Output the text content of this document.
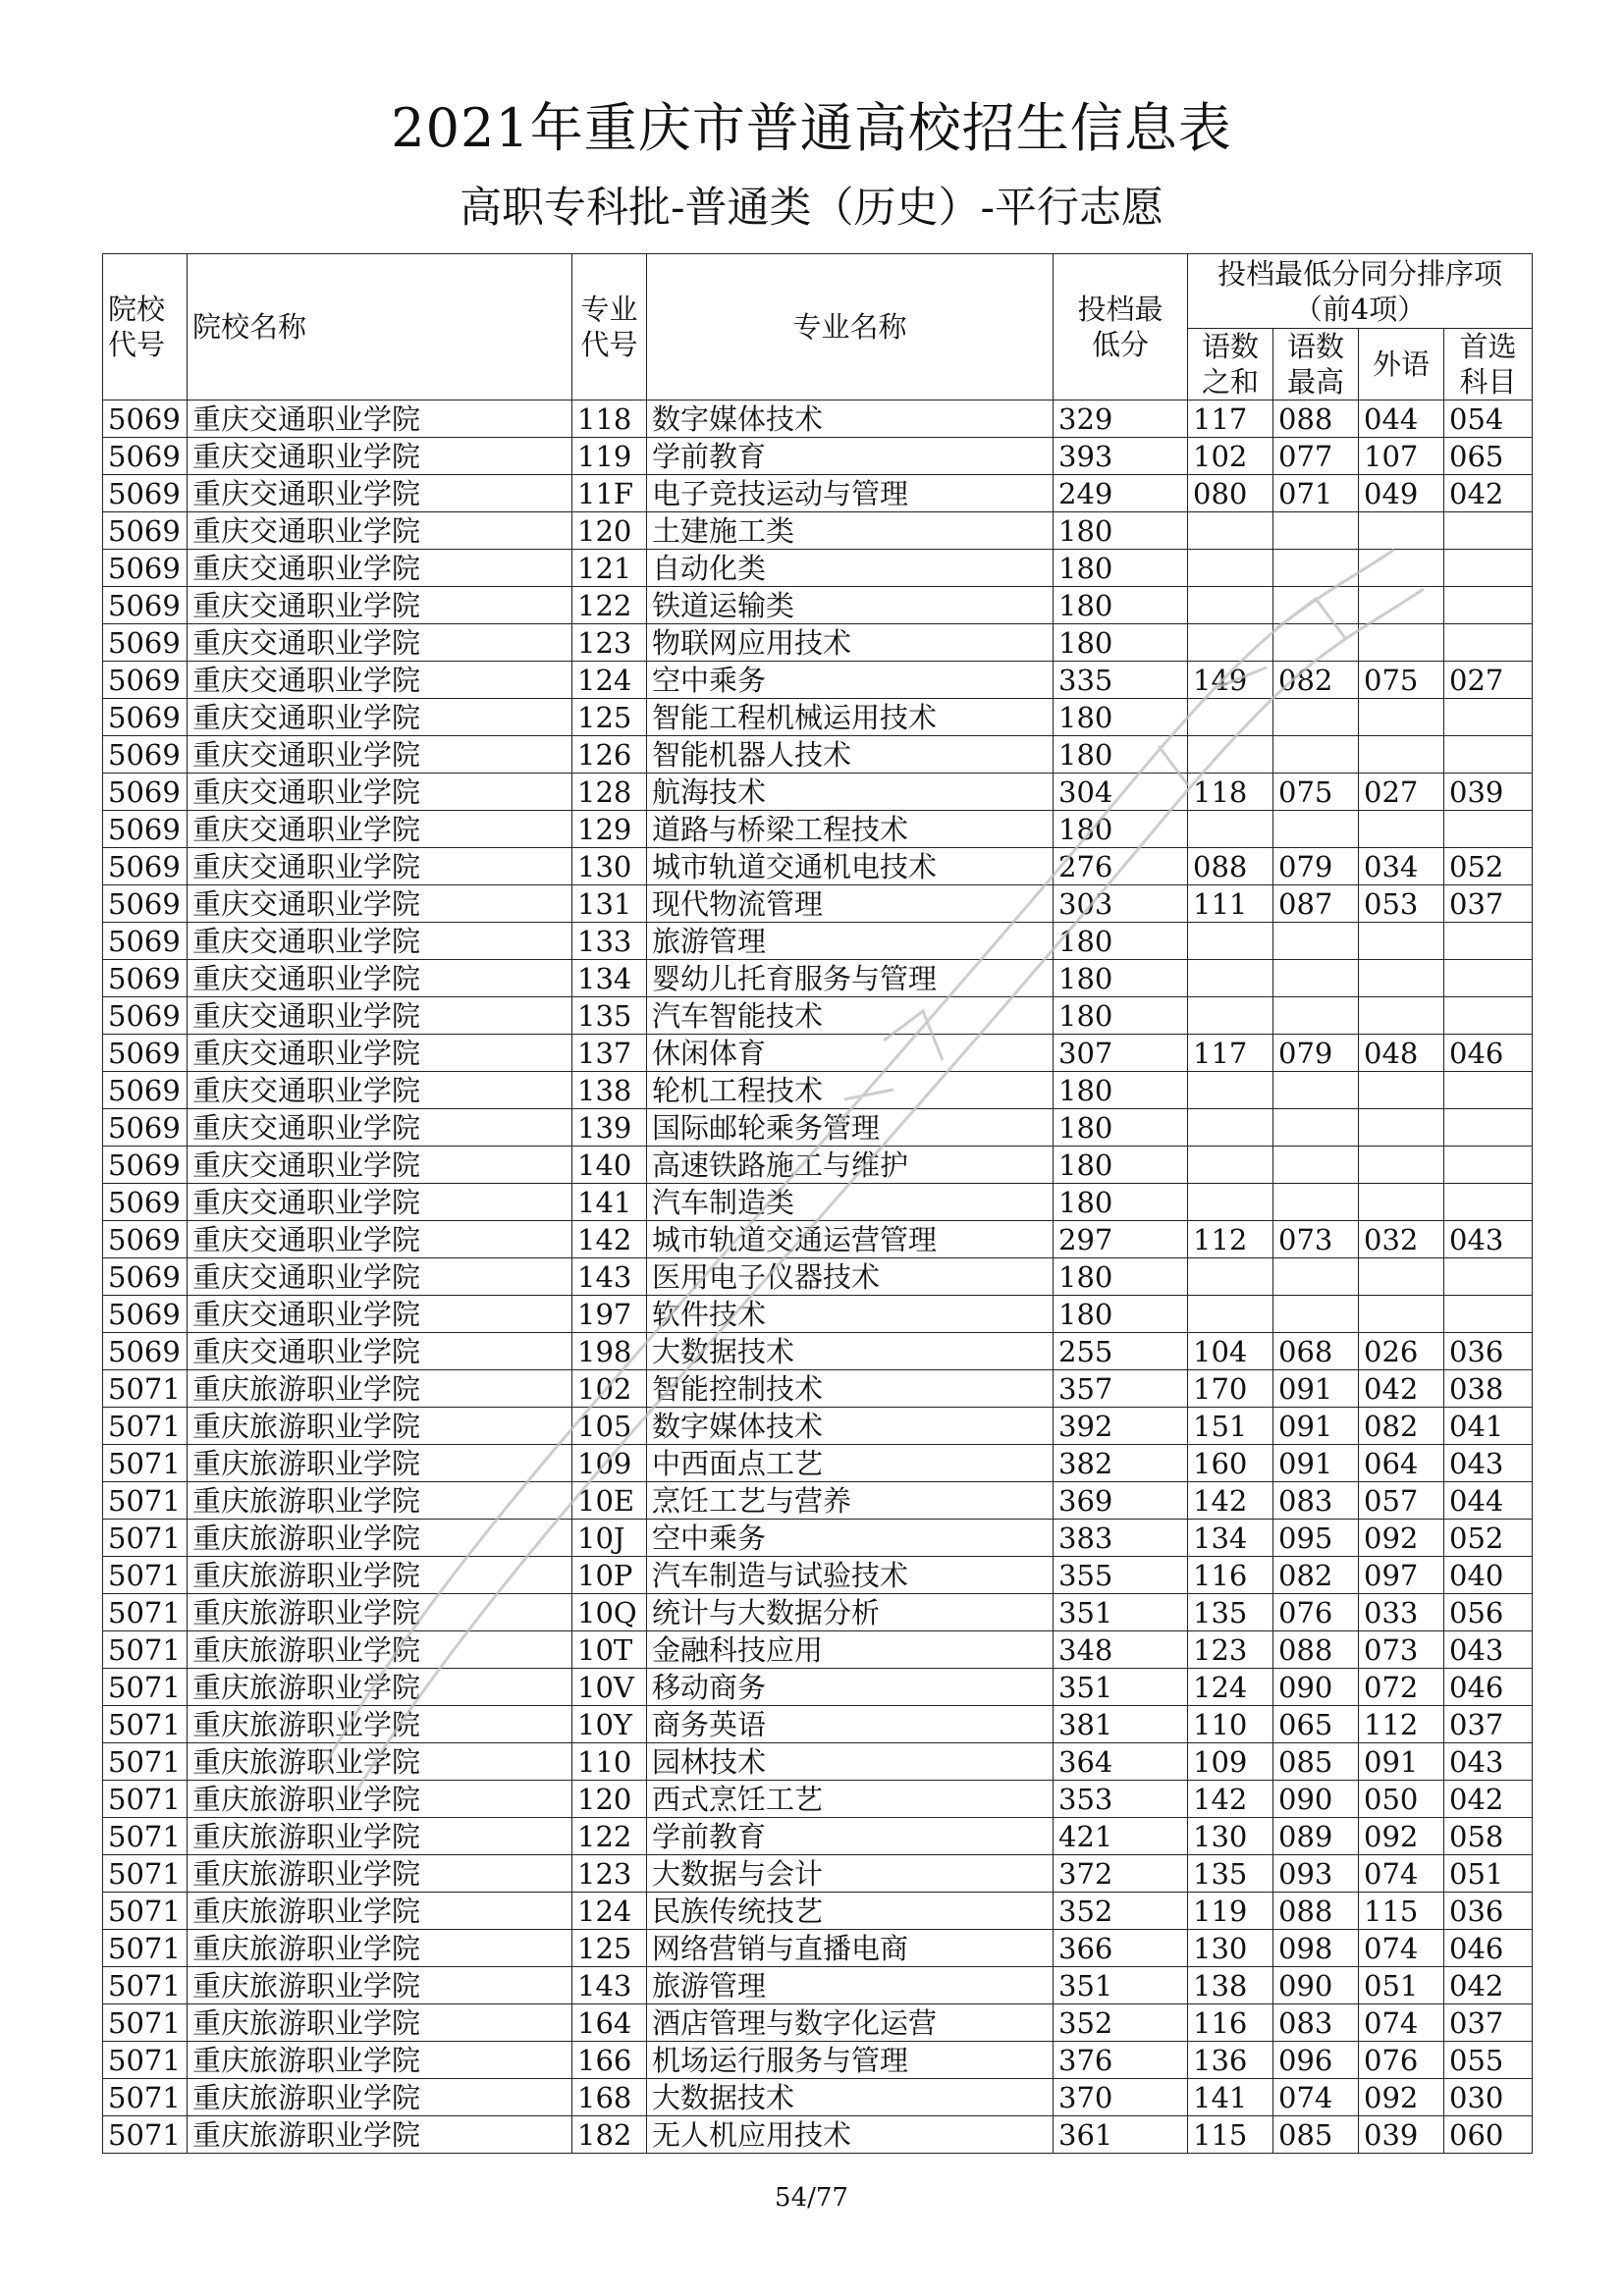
2021年重庆市普通高校招生信息表
高职专科批-普通类（历史）-平行志愿
院校代号	院校名称	专业代号	专业名称	投档最低分	投档最低分同分排序项（前4项）			
					语数之和	语数最高	外语	首选科目
5069	重庆交通职业学院	118	数字媒体技术	329	117	088	044	054
5069	重庆交通职业学院	119	学前教育	393	102	077	107	065
5069	重庆交通职业学院	11F	电子竞技运动与管理	249	080	071	049	042
5069	重庆交通职业学院	120	土建施工类	180				
5069	重庆交通职业学院	121	自动化类	180				
5069	重庆交通职业学院	122	铁道运输类	180				
5069	重庆交通职业学院	123	物联网应用技术	180				
5069	重庆交通职业学院	124	空中乘务	335	149	082	075	027
5069	重庆交通职业学院	125	智能工程机械运用技术	180				
5069	重庆交通职业学院	126	智能机器人技术	180				
5069	重庆交通职业学院	128	航海技术	304	118	075	027	039
5069	重庆交通职业学院	129	道路与桥梁工程技术	180				
5069	重庆交通职业学院	130	城市轨道交通机电技术	276	088	079	034	052
5069	重庆交通职业学院	131	现代物流管理	303	111	087	053	037
5069	重庆交通职业学院	133	旅游管理	180				
5069	重庆交通职业学院	134	婴幼儿托育服务与管理	180				
5069	重庆交通职业学院	135	汽车智能技术	180				
5069	重庆交通职业学院	137	休闲体育	307	117	079	048	046
5069	重庆交通职业学院	138	轮机工程技术	180				
5069	重庆交通职业学院	139	国际邮轮乘务管理	180				
5069	重庆交通职业学院	140	高速铁路施工与维护	180				
5069	重庆交通职业学院	141	汽车制造类	180				
5069	重庆交通职业学院	142	城市轨道交通运营管理	297	112	073	032	043
5069	重庆交通职业学院	143	医用电子仪器技术	180				
5069	重庆交通职业学院	197	软件技术	180				
5069	重庆交通职业学院	198	大数据技术	255	104	068	026	036
5071	重庆旅游职业学院	102	智能控制技术	357	170	091	042	038
5071	重庆旅游职业学院	105	数字媒体技术	392	151	091	082	041
5071	重庆旅游职业学院	109	中西面点工艺	382	160	091	064	043
5071	重庆旅游职业学院	10E	烹饪工艺与营养	369	142	083	057	044
5071	重庆旅游职业学院	10J	空中乘务	383	134	095	092	052
5071	重庆旅游职业学院	10P	汽车制造与试验技术	355	116	082	097	040
5071	重庆旅游职业学院	10Q	统计与大数据分析	351	135	076	033	056
5071	重庆旅游职业学院	10T	金融科技应用	348	123	088	073	043
5071	重庆旅游职业学院	10V	移动商务	351	124	090	072	046
5071	重庆旅游职业学院	10Y	商务英语	381	110	065	112	037
5071	重庆旅游职业学院	110	园林技术	364	109	085	091	043
5071	重庆旅游职业学院	120	西式烹饪工艺	353	142	090	050	042
5071	重庆旅游职业学院	122	学前教育	421	130	089	092	058
5071	重庆旅游职业学院	123	大数据与会计	372	135	093	074	051
5071	重庆旅游职业学院	124	民族传统技艺	352	119	088	115	036
5071	重庆旅游职业学院	125	网络营销与直播电商	366	130	098	074	046
5071	重庆旅游职业学院	143	旅游管理	351	138	090	051	042
5071	重庆旅游职业学院	164	酒店管理与数字化运营	352	116	083	074	037
5071	重庆旅游职业学院	166	机场运行服务与管理	376	136	096	076	055
5071	重庆旅游职业学院	168	大数据技术	370	141	074	092	030
5071	重庆旅游职业学院	182	无人机应用技术	361	115	085	039	060
54/77
